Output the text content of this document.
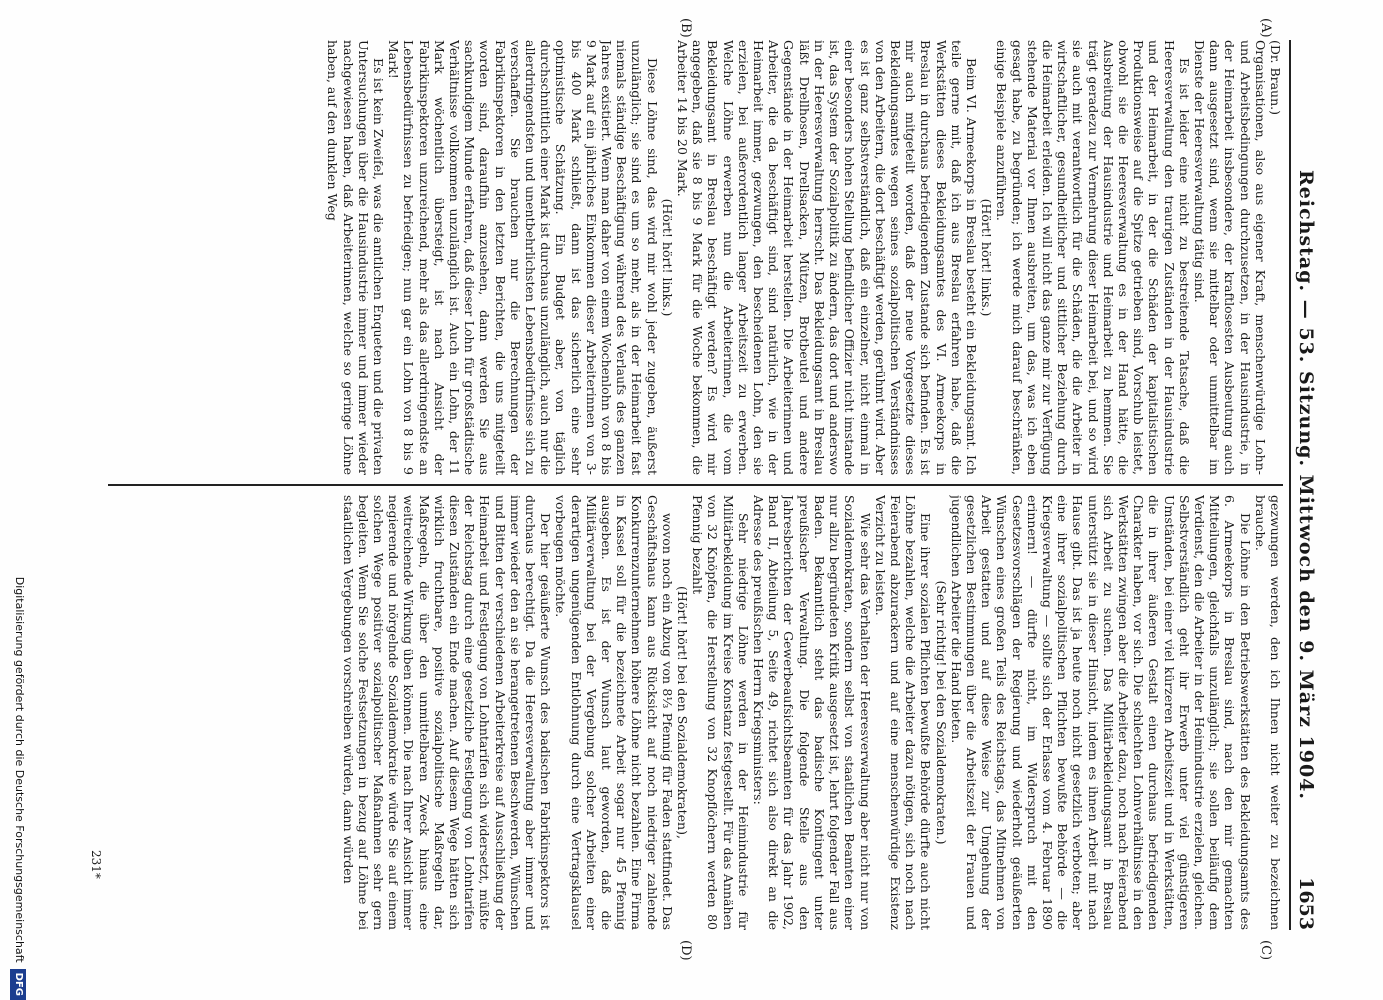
Reichstag. — 53. Sitzung. Mittwoch den 9. März 1904.
1653
(A)
(B)
(C)
(D)

(Dr. Braun.)

Organisationen, also aus eigener Kraft, menschenwürdige Lohn- und Arbeitsbedingungen durchzusetzen, in der Hausindustrie, in der Heimarbeit insbesondere, der kraftlosesten Ausbeutung auch dann ausgesetzt sind, wenn sie mittelbar oder unmittelbar im Dienste der Heeresverwaltung tätig sind.

Es ist leider eine nicht zu bestreitende Tatsache, daß die Heeresverwaltung den traurigen Zuständen in der Hausindustrie und der Heimarbeit, in der die Schäden der kapitalistischen Produktionsweise auf die Spitze getrieben sind, Vorschub leistet, obwohl sie die Heeresverwaltung es in der Hand hätte, die Ausbreitung der Hausindustrie und Heimarbeit zu hemmen. Sie trägt geradezu zur Vermehrung dieser Heimarbeit bei, und so wird sie auch mit verantwortlich für die Schäden, die die Arbeiter in wirtschaftlicher, gesundheitlicher und sittlicher Beziehung durch die Heimarbeit erleiden. Ich will nicht das ganze mir zur Verfügung stehende Material vor Ihnen ausbreiten, um das, was ich eben gesagt habe, zu begründen; ich werde mich darauf beschränken, einige Beispiele anzuführen.

(Hört! hört! links.)

Beim VI. Armeekorps in Breslau besteht ein Bekleidungsamt. Ich teile gerne mit, daß ich aus Breslau erfahren habe, daß die Werkstätten dieses Bekleidungsamtes des VI. Armeekorps in Breslau in durchaus befriedigendem Zustande sich befinden. Es ist mir auch mitgeteilt worden, daß der neue Vorgesetzte dieses Bekleidungsamtes wegen seines sozialpolitischen Verständnisses von den Arbeitern, die dort beschäftigt werden, gerühmt wird. Aber es ist ganz selbstverständlich, daß ein einzelner, nicht einmal in einer besonders hohen Stellung befindlicher Offizier nicht imstande ist, das System der Sozialpolitik zu ändern, das dort und anderswo in der Heeresverwaltung herrscht. Das Bekleidungsamt in Breslau läßt Drellhosen, Drellsacken, Mützen, Brotbeutel und andere Gegenstände in der Heimarbeit herstellen. Die Arbeiterinnen und Arbeiter, die da beschäftigt sind, sind natürlich, wie in der Heimarbeit immer, gezwungen, den bescheidenen Lohn, den sie erzielen, bei außerordentlich langer Arbeitszeit zu erwerben. Welche Löhne erwerben nun die Arbeiterinnen, die vom Bekleidungsamt in Breslau beschäftigt werden? Es wird mir angegeben, daß sie 8 bis 9 Mark für die Woche bekommen, die Arbeiter 14 bis 20 Mark.

(Hört! hört! links.)

Diese Löhne sind, das wird mir wohl jeder zugeben, äußerst unzulänglich; sie sind es um so mehr, als in der Heimarbeit fast niemals ständige Beschäftigung während des Verlaufs des ganzen Jahres existiert. Wenn man daher von einem Wochenlohn von 8 bis 9 Mark auf ein jährliches Einkommen dieser Arbeiterinnen von 3- bis 400 Mark schließt, dann ist das sicherlich eine sehr optimistische Schätzung. Ein Budget aber, von täglich durchschnittlich einer Mark ist durchaus unzulänglich, auch nur die allerdringendsten und unentbehrlichsten Lebensbedürfnisse sich zu verschaffen. Sie brauchen nur die Berechnungen der Fabrikinspektoren in den letzten Berichten, die uns mitgeteilt worden sind, daraufhin anzusehen, dann werden Sie aus sachkundigem Munde erfahren, daß dieser Lohn für großstädtische Verhältnisse vollkommen unzulänglich ist. Auch ein Lohn, der 11 Mark wöchentlich übersteigt, ist nach Ansicht der Fabrikinspektoren unzureichend, mehr als das allerdringendste an Lebensbedürfnissen zu befriedigen; nun gar ein Lohn von 8 bis 9 Mark!

Es ist kein Zweifel, was die amtlichen Enqueten und die privaten Untersuchungen über die Hausindustrie immer und immer wieder nachgewiesen haben, daß Arbeiterinnen, welche so geringe Löhne haben, auf den dunklen Weg

gezwungen werden, den ich Ihnen nicht weiter zu bezeichnen brauche.

Die Löhne in den Betriebswerkstätten des Bekleidungsamts des 6. Armeekorps in Breslau sind, nach den mir gemachten Mitteilungen, gleichfalls unzulänglich; sie sollen beiläufig dem Verdienst, den die Arbeiter in der Heimindustrie erzielen, gleichen. Selbstverständlich geht ihr Erwerb unter viel günstigeren Umständen, bei einer viel kürzeren Arbeitszeit und in Werkstätten, die in ihrer äußeren Gestalt einen durchaus befriedigenden Charakter haben, vor sich. Die schlechten Lohnverhältnisse in den Werkstätten zwingen aber die Arbeiter dazu, noch nach Feierabend sich Arbeit zu suchen. Das Militärbekleidungsamt in Breslau unterstützt sie in dieser Hinsicht, indem es ihnen Arbeit mit nach Hause gibt. Das ist ja heute noch nicht gesetzlich verboten; aber eine ihrer sozialpolitischen Pflichten bewußte Behörde — die Kriegsverwaltung — sollte sich der Erlasse vom 4. Februar 1890 erinnern! — dürfte nicht, im Widerspruch mit den Gesetzesvorschlägen der Regierung und wiederholt geäußerten Wünschen eines großen Teils des Reichstags, das Mitnehmen von Arbeit gestatten und auf diese Weise zur Umgehung der gesetzlichen Bestimmungen über die Arbeitszeit der Frauen und jugendlichen Arbeiter die Hand bieten.

(Sehr richtig! bei den Sozialdemokraten.)

Eine ihrer sozialen Pflichten bewußte Behörde dürfte auch nicht Löhne bezahlen, welche die Arbeiter dazu nötigen, sich noch nach Feierabend abzurackern und auf eine menschenwürdige Existenz Verzicht zu leisten.

Wie sehr das Verhalten der Heeresverwaltung aber nicht nur von Sozialdemokraten, sondern selbst von staatlichen Beamten einer nur allzu begründeten Kritik ausgesetzt ist, lehrt folgender Fall aus Baden. Bekanntlich steht das badische Kontingent unter preußischer Verwaltung. Die folgende Stelle aus den Jahresberichten der Gewerbeaufsichtsbeamten für das Jahr 1902, Band II, Abteilung 5, Seite 49, richtet sich also direkt an die Adresse des preußischen Herrn Kriegsministers:

Sehr niedrige Löhne werden in der Heimindustrie für Militärbekleidung im Kreise Konstanz festgestellt. Für das Annähen von 32 Knöpfen, die Herstellung von 32 Knopflöchern werden 80 Pfennig bezahlt

(Hört! hört! bei den Sozialdemokraten),

wovon noch ein Abzug von 8⅓ Pfennig für Faden stattfindet. Das Geschäftshaus kann aus Rücksicht auf noch niedriger zahlende Konkurrenzunternehmen höhere Löhne nicht bezahlen. Eine Firma in Kassel soll für die bezeichnete Arbeit sogar nur 45 Pfennig ausgeben. Es ist der Wunsch laut geworden, daß die Militärverwaltung bei der Vergebung solcher Arbeiten einer derartigen ungenügenden Entlohnung durch eine Vertragsklausel vorbeugen möchte.

Der hier geäußerte Wunsch des badischen Fabrikinspektors ist durchaus berechtigt. Da die Heeresverwaltung aber immer und immer wieder den an sie herangetretenen Beschwerden, Wünschen und Bitten der verschiedenen Arbeiterkreise auf Ausschließung der Heimarbeit und Festlegung von Lohntarifen sich widersetzt, müßte der Reichstag durch eine gesetzliche Festlegung von Lohntarifen diesen Zuständen ein Ende machen. Auf diesem Wege hätten sich wirklich fruchtbare, positive sozialpolitische Maßregeln dar, Maßregeln, die über den unmittelbaren Zweck hinaus eine weitreichende Wirkung üben können. Die nach Ihrer Ansicht immer negierende und nörgelnde Sozialdemokratie würde Sie auf einem solchen Wege positiver sozialpolitischer Maßnahmen sehr gern begleiten. Wenn Sie solche Festsetzungen in bezug auf Löhne bei staatlichen Vergebungen vorschreiben würden, dann würden

231*
Digitalisierung gefördert durch die Deutsche ForschungsgemeinschaftDFG
